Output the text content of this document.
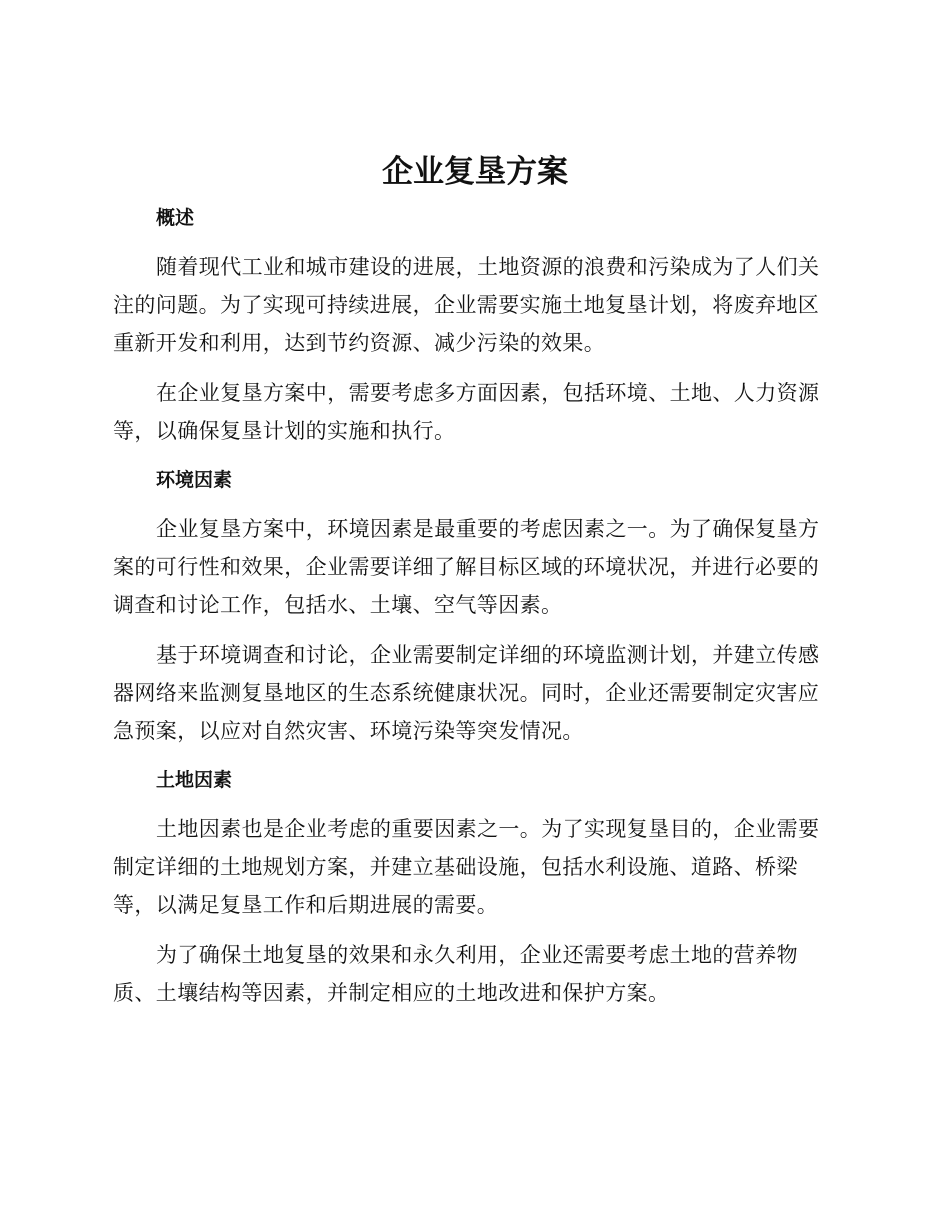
企业复垦方案
概述

随着现代工业和城市建设的进展，土地资源的浪费和污染成为了人们关注的问题。为了实现可持续进展，企业需要实施土地复垦计划，将废弃地区重新开发和利用，达到节约资源、减少污染的效果。

在企业复垦方案中，需要考虑多方面因素，包括环境、土地、人力资源等，以确保复垦计划的实施和执行。

环境因素

企业复垦方案中，环境因素是最重要的考虑因素之一。为了确保复垦方案的可行性和效果，企业需要详细了解目标区域的环境状况，并进行必要的调查和讨论工作，包括水、土壤、空气等因素。

基于环境调查和讨论，企业需要制定详细的环境监测计划，并建立传感器网络来监测复垦地区的生态系统健康状况。同时，企业还需要制定灾害应急预案，以应对自然灾害、环境污染等突发情况。

土地因素

土地因素也是企业考虑的重要因素之一。为了实现复垦目的，企业需要制定详细的土地规划方案，并建立基础设施，包括水利设施、道路、桥梁等，以满足复垦工作和后期进展的需要。

为了确保土地复垦的效果和永久利用，企业还需要考虑土地的营养物质、土壤结构等因素，并制定相应的土地改进和保护方案。
